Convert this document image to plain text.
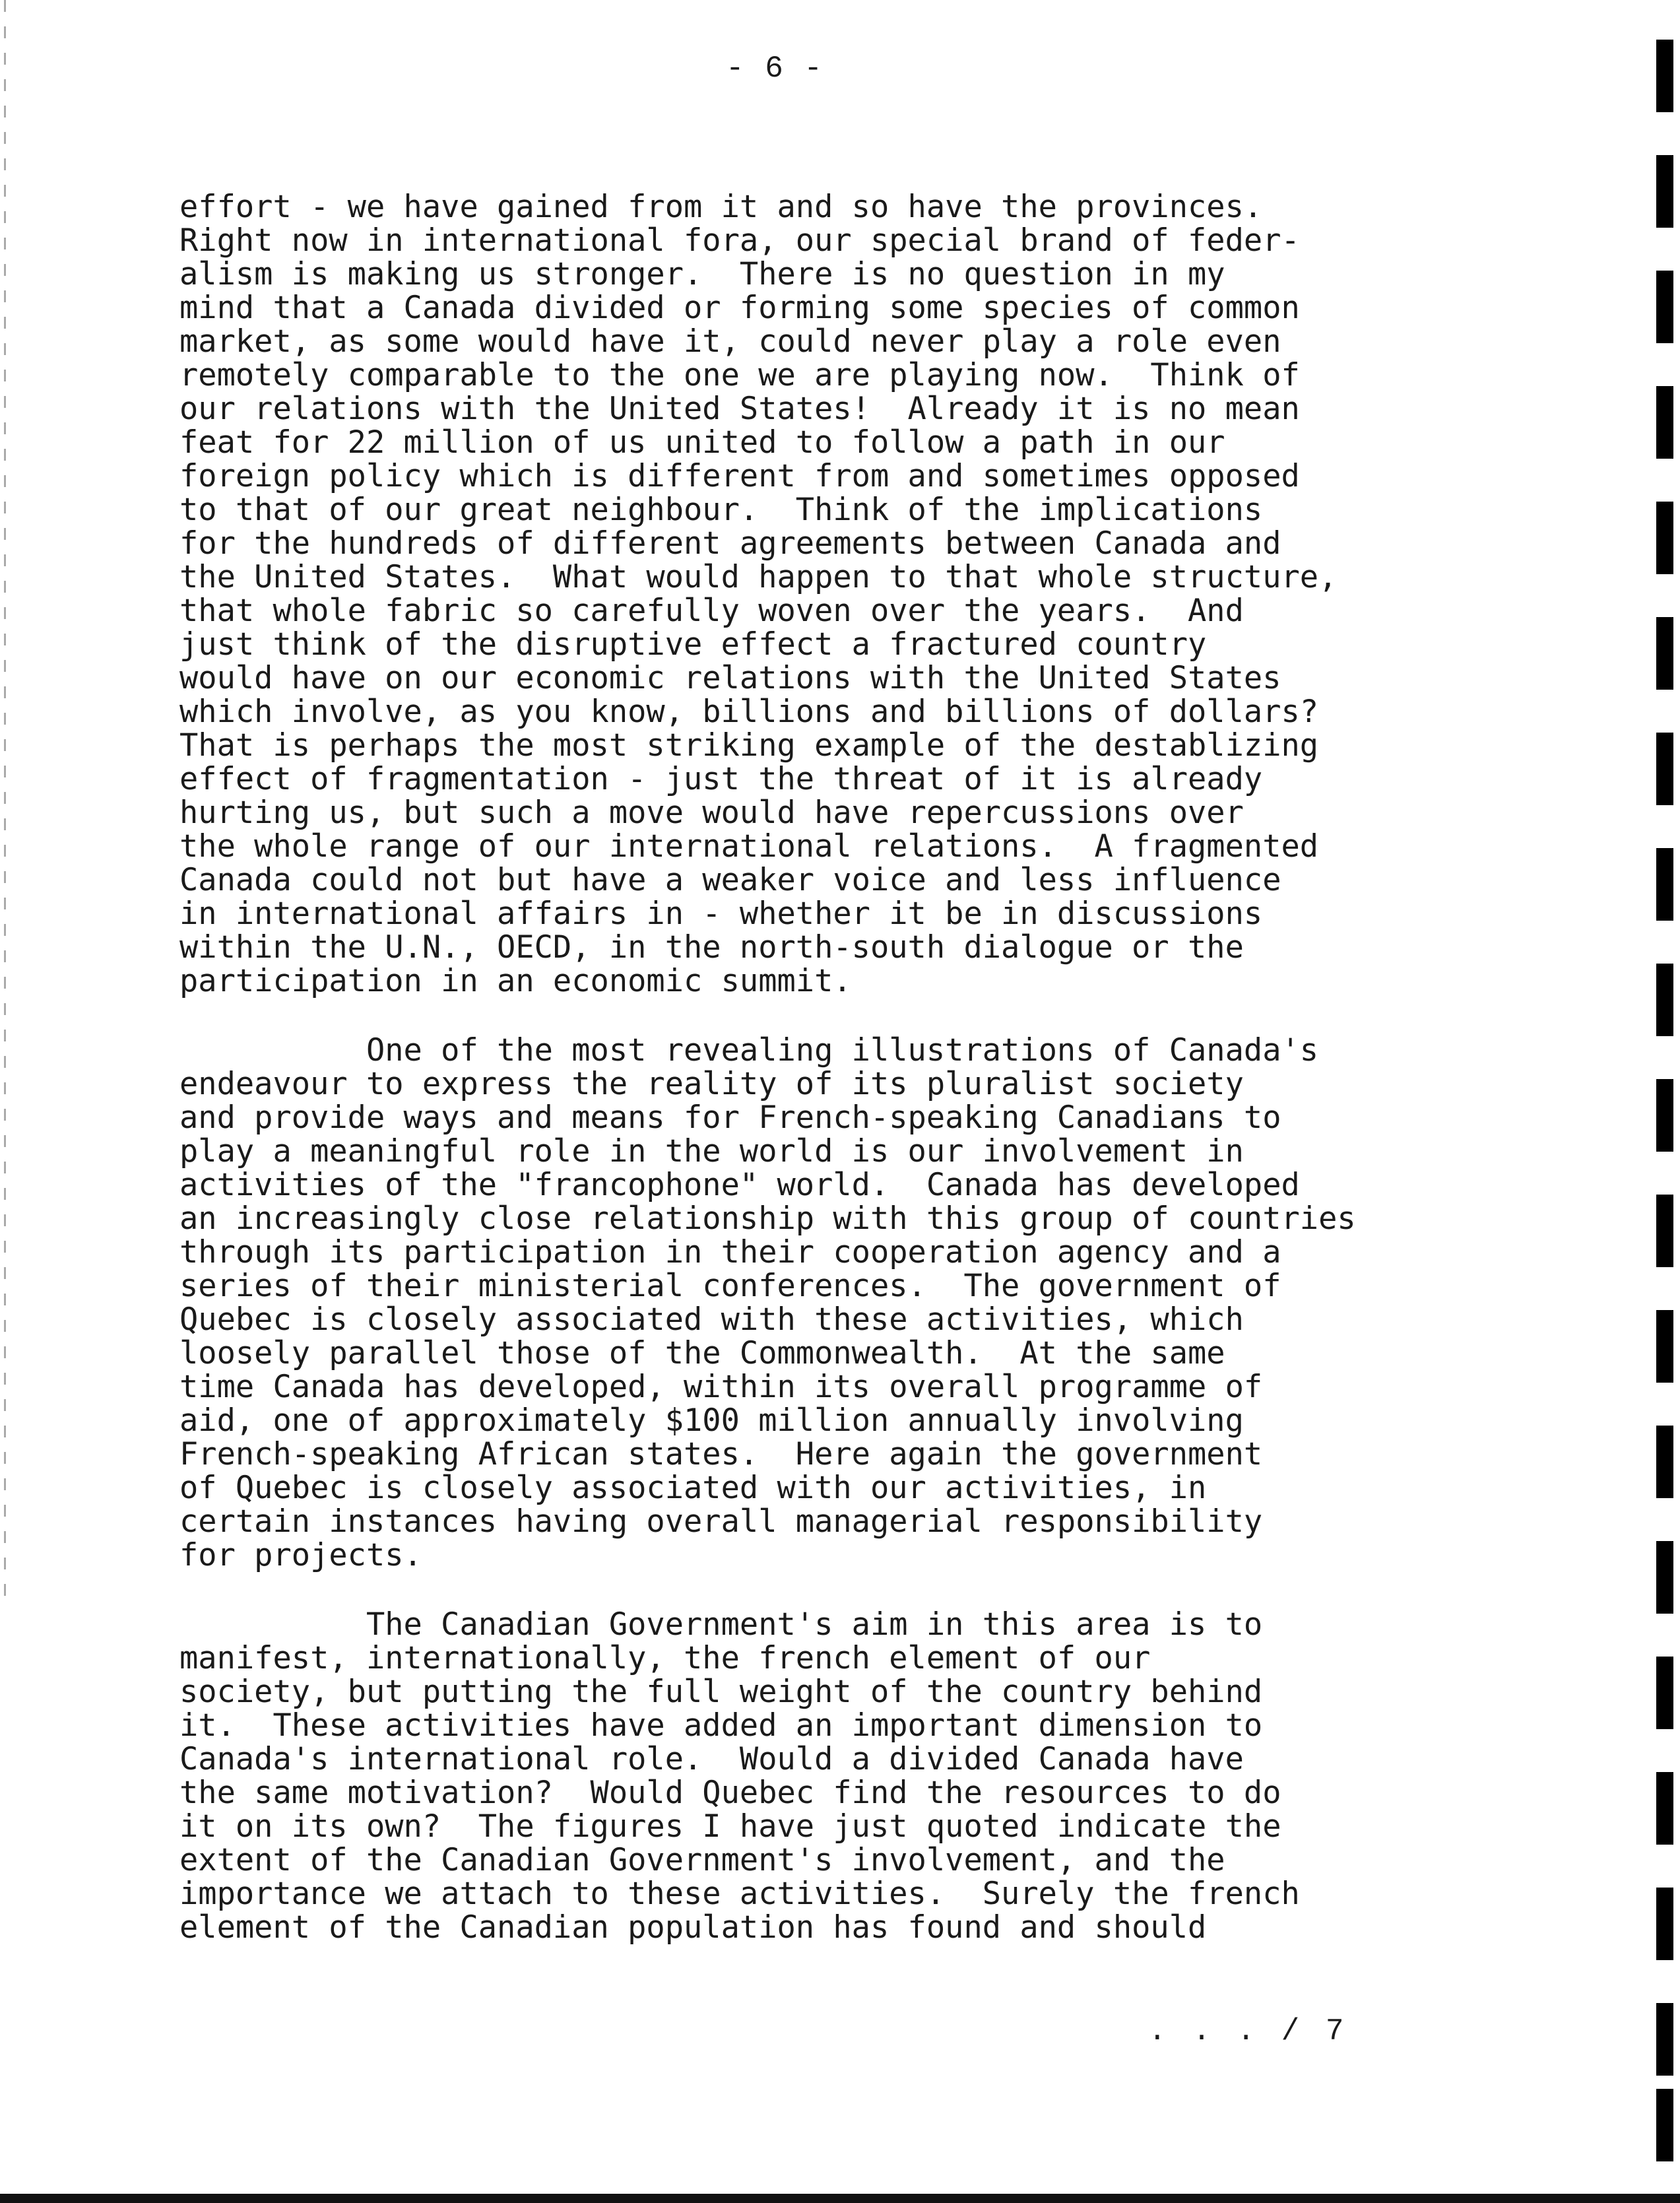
- 6 -
effort - we have gained from it and so have the provinces.
Right now in international fora, our special brand of feder-
alism is making us stronger.  There is no question in my
mind that a Canada divided or forming some species of common
market, as some would have it, could never play a role even
remotely comparable to the one we are playing now.  Think of
our relations with the United States!  Already it is no mean
feat for 22 million of us united to follow a path in our
foreign policy which is different from and sometimes opposed
to that of our great neighbour.  Think of the implications
for the hundreds of different agreements between Canada and
the United States.  What would happen to that whole structure,
that whole fabric so carefully woven over the years.  And
just think of the disruptive effect a fractured country
would have on our economic relations with the United States
which involve, as you know, billions and billions of dollars?
That is perhaps the most striking example of the destablizing
effect of fragmentation - just the threat of it is already
hurting us, but such a move would have repercussions over
the whole range of our international relations.  A fragmented
Canada could not but have a weaker voice and less influence
in international affairs in - whether it be in discussions
within the U.N., OECD, in the north-south dialogue or the
participation in an economic summit.
One of the most revealing illustrations of Canada's
endeavour to express the reality of its pluralist society
and provide ways and means for French-speaking Canadians to
play a meaningful role in the world is our involvement in
activities of the "francophone" world.  Canada has developed
an increasingly close relationship with this group of countries
through its participation in their cooperation agency and a
series of their ministerial conferences.  The government of
Quebec is closely associated with these activities, which
loosely parallel those of the Commonwealth.  At the same
time Canada has developed, within its overall programme of
aid, one of approximately $100 million annually involving
French-speaking African states.  Here again the government
of Quebec is closely associated with our activities, in
certain instances having overall managerial responsibility
for projects.
The Canadian Government's aim in this area is to
manifest, internationally, the french element of our
society, but putting the full weight of the country behind
it.  These activities have added an important dimension to
Canada's international role.  Would a divided Canada have
the same motivation?  Would Quebec find the resources to do
it on its own?  The figures I have just quoted indicate the
extent of the Canadian Government's involvement, and the
importance we attach to these activities.  Surely the french
element of the Canadian population has found and should
. . . / 7
